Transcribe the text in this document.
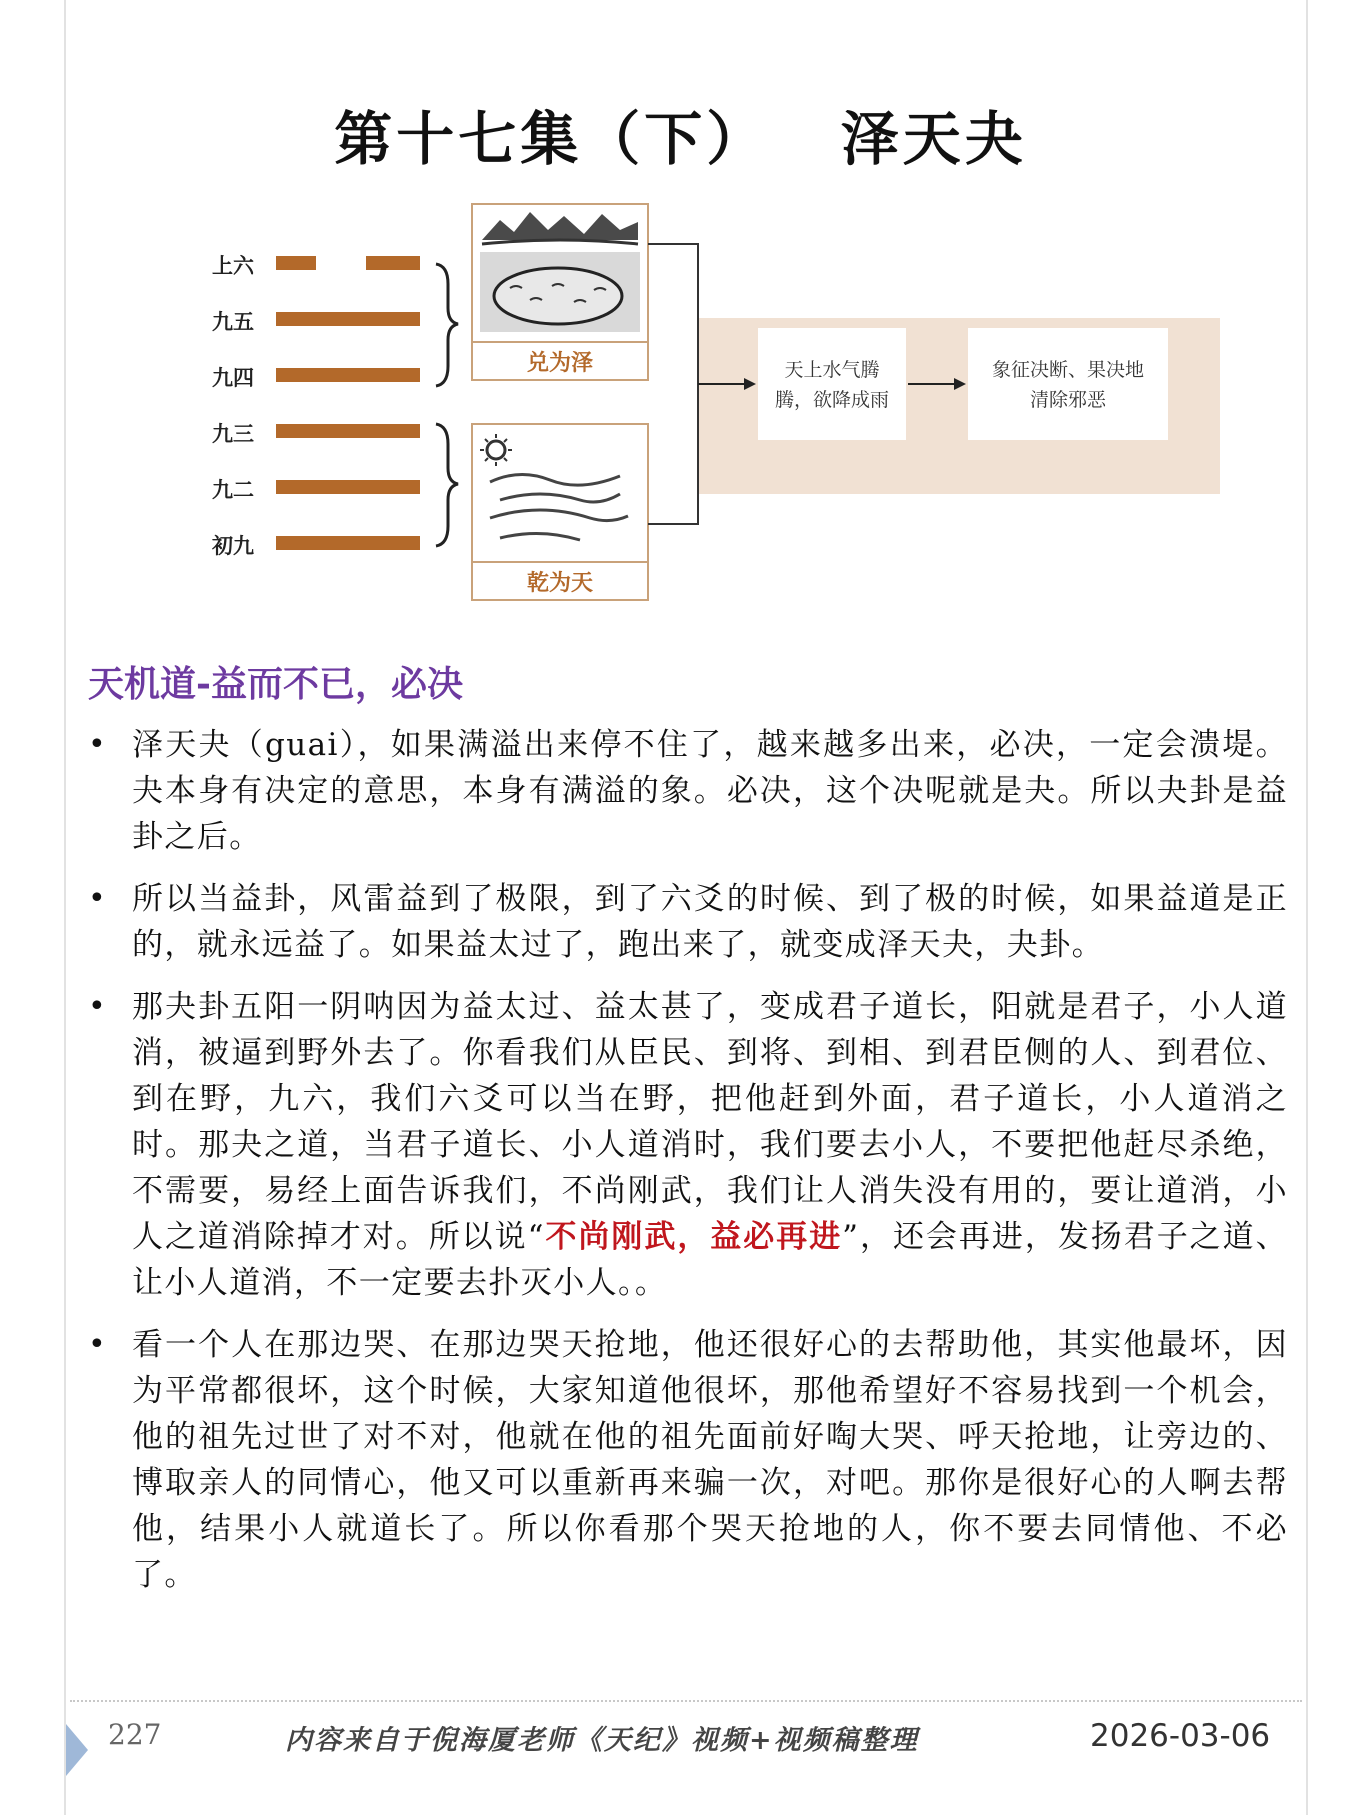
第十七集（下）   泽天夬
上六
九五
九四
九三
九二
初九
兑为泽
乾为天
天上水气腾
腾，欲降成雨
象征决断、果决地
清除邪恶
天机道-益而不已，必决
• 泽天夬（guai），如果满溢出来停不住了，越来越多出来，必决，一定会溃堤。夬本身有决定的意思，本身有满溢的象。必决，这个决呢就是夬。所以夬卦是益卦之后。
• 所以当益卦，风雷益到了极限，到了六爻的时候、到了极的时候，如果益道是正的，就永远益了。如果益太过了，跑出来了，就变成泽天夬，夬卦。
• 那夬卦五阳一阴呐因为益太过、益太甚了，变成君子道长，阳就是君子，小人道消，被逼到野外去了。你看我们从臣民、到将、到相、到君臣侧的人、到君位、到在野，九六，我们六爻可以当在野，把他赶到外面，君子道长，小人道消之时。那夬之道，当君子道长、小人道消时，我们要去小人，不要把他赶尽杀绝，不需要，易经上面告诉我们，不尚刚武，我们让人消失没有用的，要让道消，小人之道消除掉才对。所以说“不尚刚武，益必再进”，还会再进，发扬君子之道、让小人道消，不一定要去扑灭小人。。
• 看一个人在那边哭、在那边哭天抢地，他还很好心的去帮助他，其实他最坏，因为平常都很坏，这个时候，大家知道他很坏，那他希望好不容易找到一个机会，他的祖先过世了对不对，他就在他的祖先面前好啕大哭、呼天抢地，让旁边的、博取亲人的同情心，他又可以重新再来骗一次，对吧。那你是很好心的人啊去帮他，结果小人就道长了。所以你看那个哭天抢地的人，你不要去同情他、不必了。
227	内容来自于倪海厦老师《天纪》视频+视频稿整理	2026-03-06
